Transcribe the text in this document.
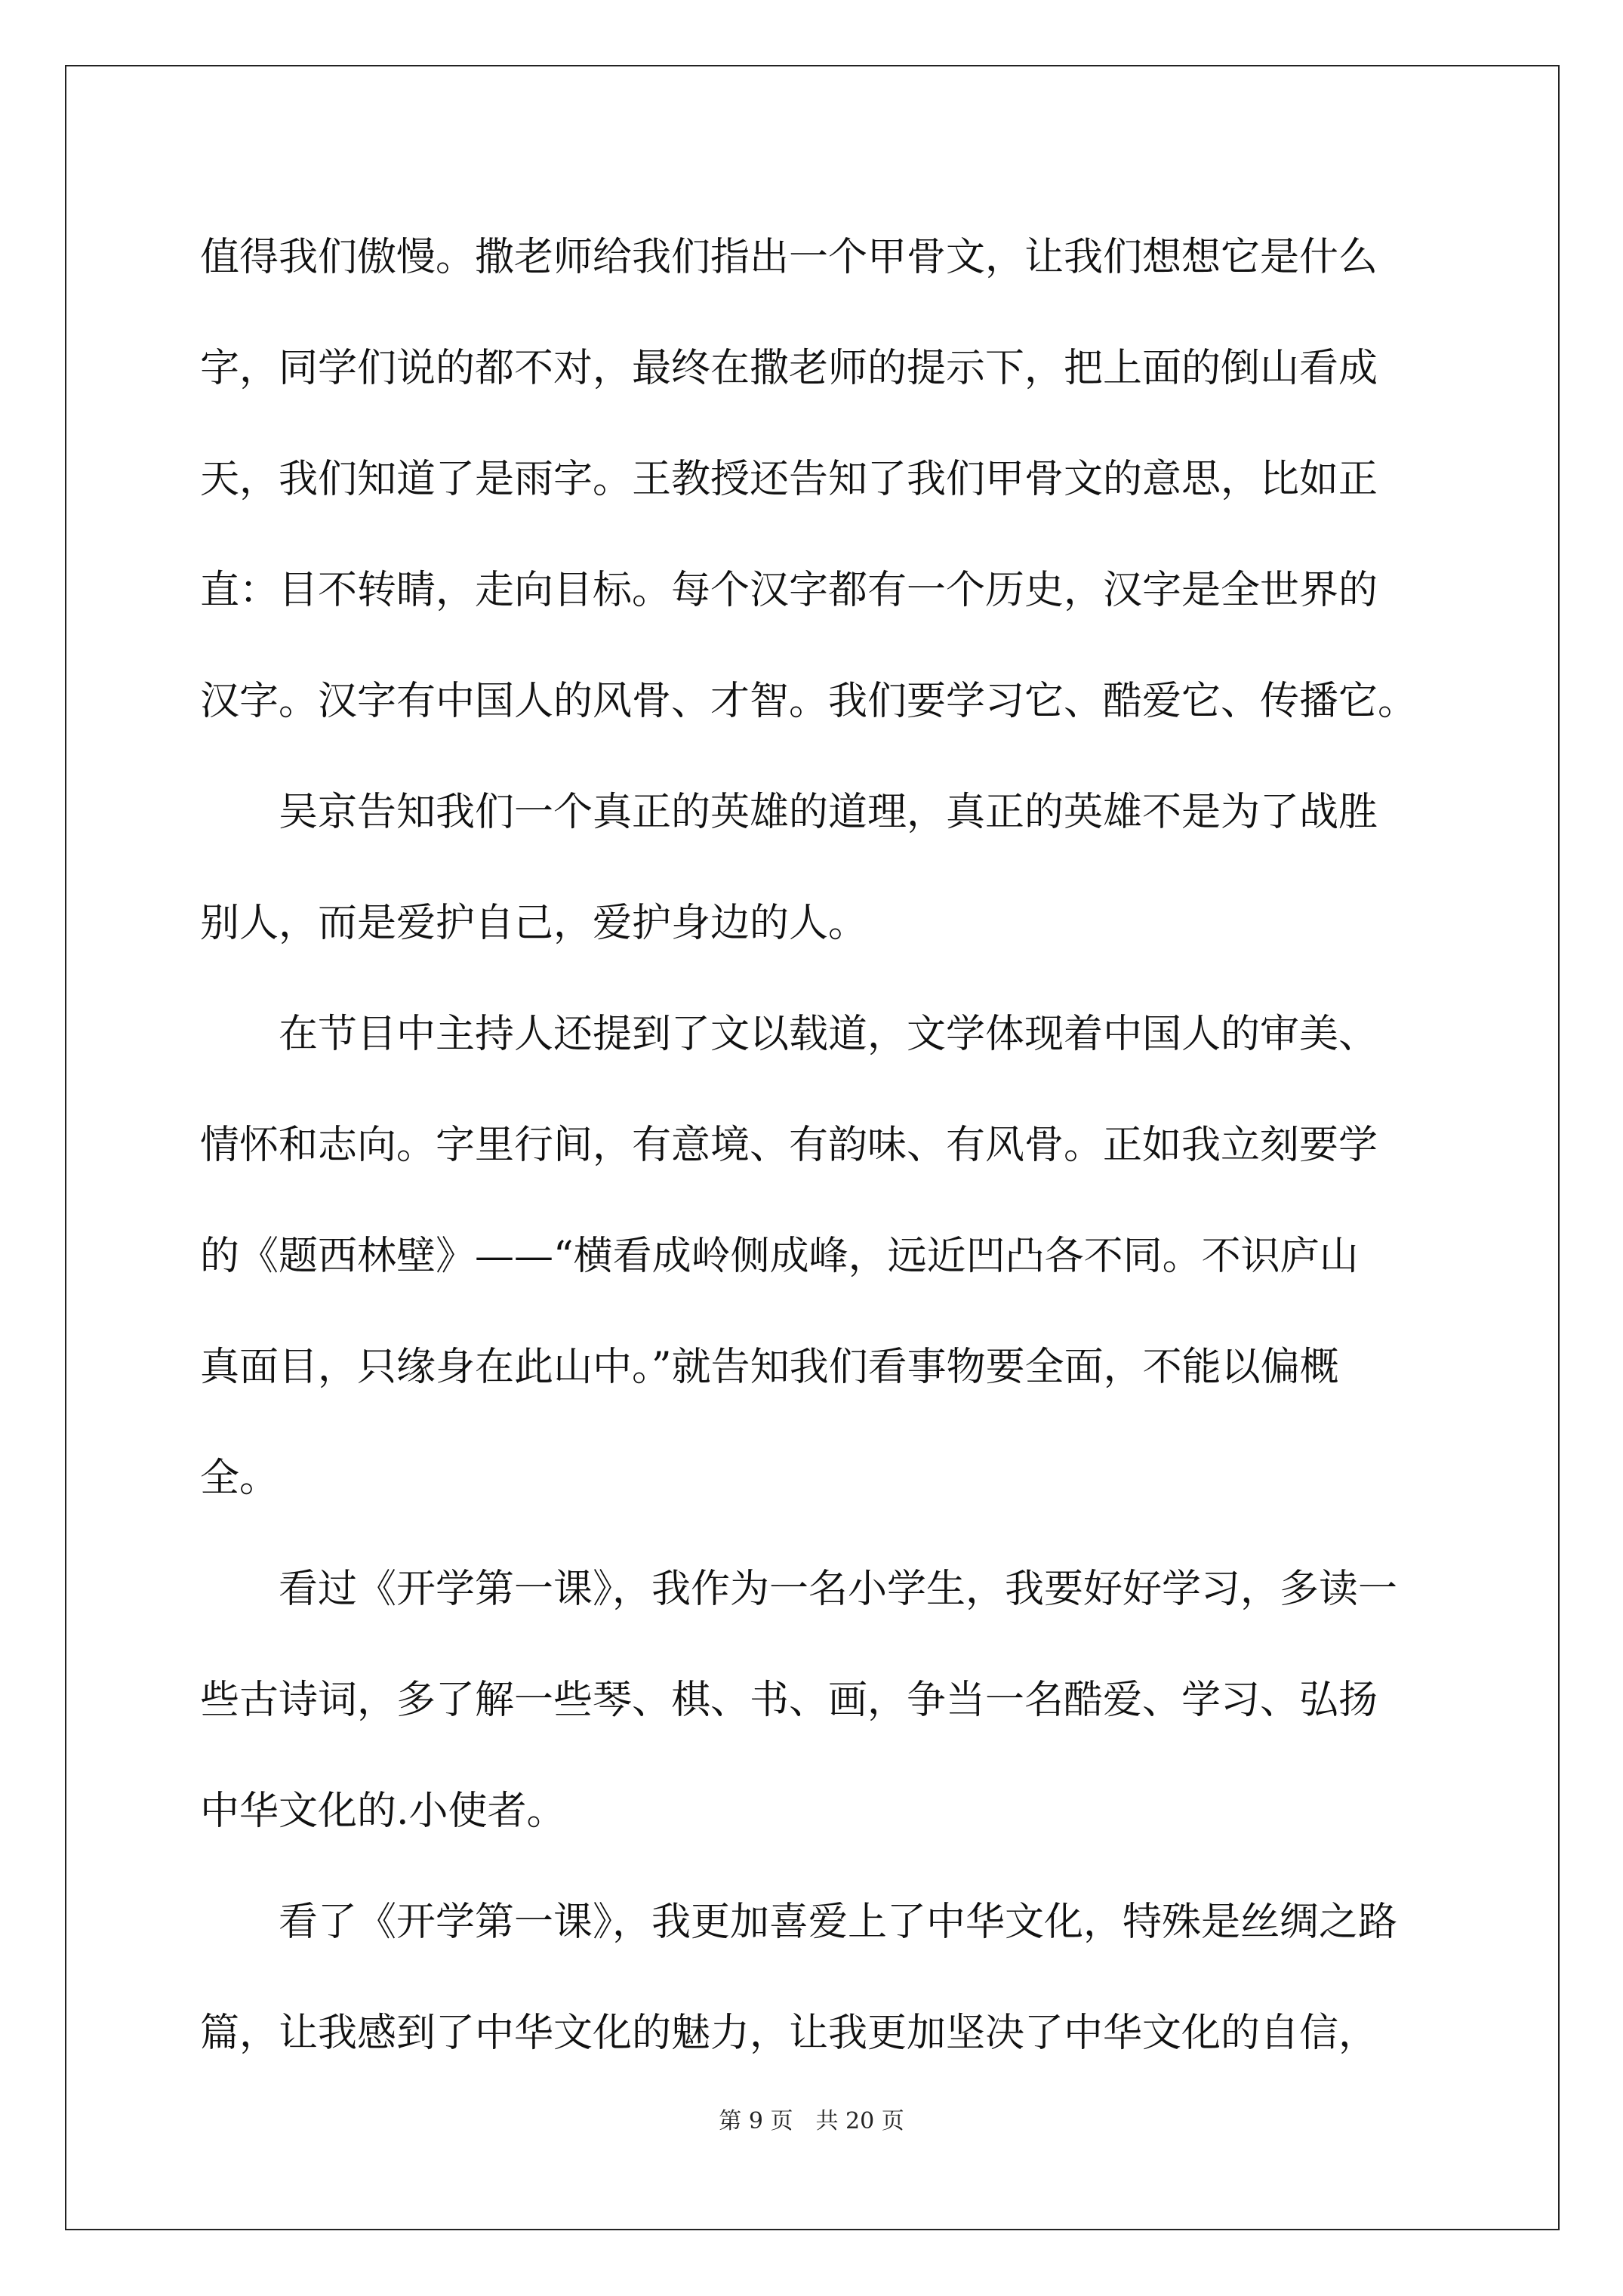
值得我们傲慢。撒老师给我们指出一个甲骨文，让我们想想它是什么
字，同学们说的都不对，最终在撒老师的提示下，把上面的倒山看成
天，我们知道了是雨字。王教授还告知了我们甲骨文的意思，比如正
直：目不转睛，走向目标。每个汉字都有一个历史，汉字是全世界的
汉字。汉字有中国人的风骨、才智。我们要学习它、酷爱它、传播它。
　　吴京告知我们一个真正的英雄的道理，真正的英雄不是为了战胜
别人，而是爱护自己，爱护身边的人。
　　在节目中主持人还提到了文以载道，文学体现着中国人的审美、
情怀和志向。字里行间，有意境、有韵味、有风骨。正如我立刻要学
的《题西林壁》——“横看成岭侧成峰，远近凹凸各不同。不识庐山
真面目，只缘身在此山中。”就告知我们看事物要全面，不能以偏概
全。
　　看过《开学第一课》，我作为一名小学生，我要好好学习，多读一
些古诗词，多了解一些琴、棋、书、画，争当一名酷爱、学习、弘扬
中华文化的.小使者。
　　看了《开学第一课》，我更加喜爱上了中华文化，特殊是丝绸之路
篇，让我感到了中华文化的魅力，让我更加坚决了中华文化的自信，
第 9 页　共 20 页
